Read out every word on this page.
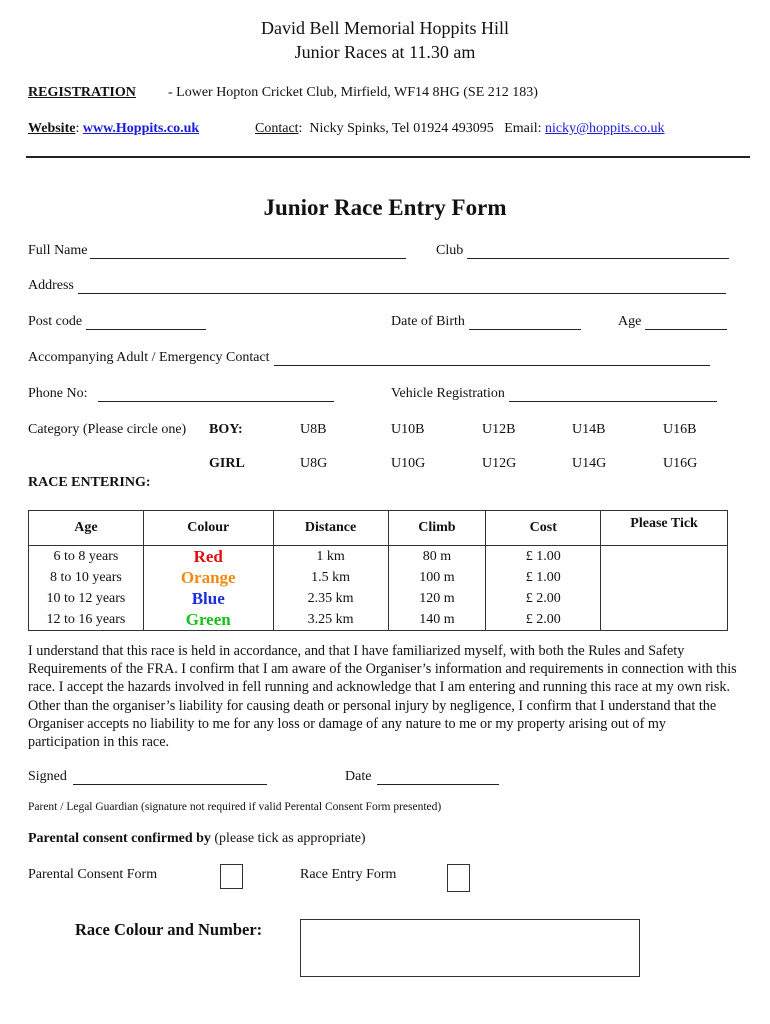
David Bell Memorial Hoppits Hill
Junior Races at 11.30 am
REGISTRATION - Lower Hopton Cricket Club, Mirfield, WF14 8HG (SE 212 183)
Website: www.Hoppits.co.uk	Contact:  Nicky Spinks, Tel 01924 493095   Email: nicky@hoppits.co.uk
Junior Race Entry Form
Full Name	Club
Address
Post code	Date of Birth	Age
Accompanying Adult / Emergency Contact
Phone No:	Vehicle Registration
Category (Please circle one) BOY:	U8B	U10B	U12B	U14B	U16B
GIRL	U8G	U10G	U12G	U14G	U16G
RACE ENTERING:
Age	Colour	Distance	Climb	Cost	Please Tick
6 to 8 years	Red	1 km	80 m	£ 1.00	
8 to 10 years	Orange	1.5 km	100 m	£ 1.00	
10 to 12 years	Blue	2.35 km	120 m	£ 2.00	
12 to 16 years	Green	3.25 km	140 m	£ 2.00	
I understand that this race is held in accordance, and that I have familiarized myself, with both the Rules and Safety Requirements of the FRA. I confirm that I am aware of the Organiser’s information and requirements in connection with this race. I accept the hazards involved in fell running and acknowledge that I am entering and running this race at my own risk. Other than the organiser’s liability for causing death or personal injury by negligence, I confirm that I understand that the Organiser accepts no liability to me for any loss or damage of any nature to me or my property arising out of my participation in this race.
Signed	Date
Parent / Legal Guardian (signature not required if valid Perental Consent Form presented)
Parental consent confirmed by (please tick as appropriate)
Parental Consent Form	Race Entry Form
Race Colour and Number:
